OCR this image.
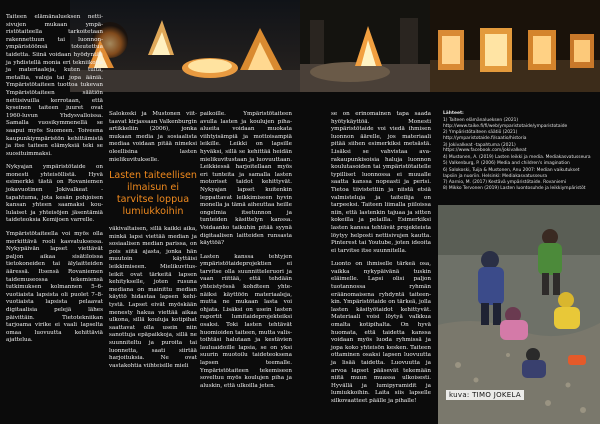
Taiteen elämänalueksen nettisivujen mukaan ympäristötaiteella tarkoitetaan rakennettuun tai luonnonympäristöönsä toteutettua taidetta. Siinä voidaan hyödyntää ja yhdistellä monia eri tekniikoita ja materiaaleja, kuten tulta, metallia, valoja tai jopa ääniä. Ympäristötaiteen tuottoa tukevan Ympäristötaiteen säätiön nettisivuilla kerrotaan, että kyseinen taiteen juuret ovat 1960-luvun Yhdysvalloissa. Samalla vuosikymmenellä se saapui myös Suomeen. Toiveena kaupunkiympäristön kehittämistä ja itse taiteen elämyksiä teki se suosituimmaksi.

Nykyajan ympäristötaide on monesti yhteisöllistä. Hyvä esimerkki tästä on Rovaniemen jokavuotinen Jokivalkeat -tapahtuma, jota kesän pohjoisen kansan yhteen saamaksi koululaiset ja yhteisöjen jäsentämiä taideteoksia Kemijoen varrelle.

Ympäristötaiteella voi myös olla merkittävä rooli kasvatuksessa. Nykypäivän lapset viettävät paljon aikaa sisätiloissa tietokoneiden tai älylaitteiden ääressä. Itsensä Rovaniemen taidemuseossa tekemiensä tutkimuksen kolmannen 5–6-vuotiaista lapsista oli puolet 7–8-vuotiaista lapsista pelaavat digitaalisia pelejä lähes päivittäin. Tietotekniikan tarjoama virike ei vaali lapselta omaa luovuutta kehittäviä ajattelua.

Salokoski ja Mustonen viittaavat kirjassaan Valkenburgin artikkeliin (2006), jonka mukaan media ja sosiaalista mediaa voidaan pitää nimeksi oleellisina lasten mielikuvitukselle.

Lasten taiteellisen ilmaisun ei tarvitse loppua lumiukkoihin

väkivaltaisen, sillä kaikki aika, minkä lapsi viettää median ja sosiaalisen median parissa, on pois siitä ajasta, jonka hän muutoin käyttäisi leikkimiseen. Mielikuvitusleikit ovat tärkeitä lapsen kehitykselle, joten rusuna mediana on mainittu median käyttö hidastaa lapsen kehitystä. Lapset eivät myöskään menesty hakua viettää aikaa ulkona, sillä kouluja kotipihat saattavat olla usein niin sanottuja epäpaikkoja, sillä ne suunniteltu ja puroita tai luonnetta, saati siirtää harjoituksia. Ne ovat vastakohtia viihteisille mieli

paikoille. Ympäristötaiteen avulla lasten ja koulujen piha-alueita voidaan muokata viihtyisämpiä ja mottoisampiä leikille. Leikki on lapsille hyväksi, sillä se kehittää heidän mielikuvitustaan ja luovuuttaan. Leikkiessä harjoitellaan myös eri tunteita ja samalla lasten motoriset taidot kehittyvät. Nykyajan lapset kuitenkin leppattavat leikkimiseen hyvin monella ja tämä aiheuttaa heille ongelmia itsetunnon ja tunteiden käsittelyn kanssa. Voidaanko taikuhin pitää syynä digitaalisen laitteiden runsasta käyttöä?

Lasten kanssa tehtyjen ympäristötaideprojektien ei tarvitse olla suunnitteleruori ja vaan riittää, että tehdään yhteistyössä kohdteen yhtenäiksi käyttöön materiaaleja, mutta ne mukaan lasta voi ohjata. Lisäksi on usein lasten raportit lumitaideprojekteiksi osaksi. Toki lasten tehtävät huomioiden taiteen, mutta valistoihtäsi halutaan ja kestävien lauluaidoille lapsia, se on yksi suurin muotoilu taideteoksena lapsen teemalle. Ympäristötaiteen tekemiseen soveltuu myös koulujen piha ja aluskin, että ulkoilla jeten.

se on erinomainen tapa saada hyötykäyttöä. Monesti ympäristötaide voi viedä ihmisen luonnon äärelle, jos materiaali pitää siihen esimerkiksi metsästä. Lisäksi se vahvistaa avarakaupunkisoisia haluja luonnon koulutasoiden tai ympäristötaitelle typilliset luonnossa ei muualle saatta kanssa nopeasti ja perisi. Tietoa tiivistettiin ja niistä etsiä valmisteluja ja taiteilija on tarpeeksi. Taiteen liimalla piiloissa niin, että lastenkin tajuaa ja sitten kokeilla ja pelailla. Esimerkiksi lasten kanssa tehtävät projekteista löytyy helposti nettisivujen kautta. Pinterest tai Youtube, joten ideoita ei tarvitse itse suunnitella.

Luonto on ihmiselle tärkeä osa, vaikka nykypäivänä tuskin eläimelle. Lapsi olisi paljon tuotannossa ryhmän eräänomaisena ryhdyntä taiteenkin. Ympäristötaide on tärkeä, jolla lasten käsityötaidot kehittyvät. Materiaali voisi löytyä valkkua omalta kotipihalta. On hyvä huomata, että taidetta kanssa voidaan myös luoda ryhmissä ja jopa koko yhteisön kesken. Taiteen ottaminen osaksi lapsen luovuutta ja lisää taidetta. Luovuutta ja arvoa lapset pääsevät tekemään niitä muun muassa ulkoisesti. Hyvällä ja lumipyramidit ja lumiukkoihin. Laita siis lapselle silkovaatteet päälle ja pihalle!

Lähteet:
1) Taiteen elämänalueksen (2021) http://www.taike.fi/fi/web/ymparistotaide/ymparistotaide
2) Ympäristötaiteen säätiö (2021) http://ymparistotaide.fi/saatio/historia
3) Jokivalkeat -tapahtuma (2021) https://www.facebook.com/jokivalkeat
4) Mustonen, A. (2019) Lasten leikki ja media. Mediakasvatusseura
5) Valkenburg, P. (2006) Media and children's imagination
6) Salokoski, Tuija & Mustonen, Anu 2007: Median vaikutukset lapsiin ja nuoriin. Helsinki: Mediakasvatusseura
7) Aarnio, M. (2017) Kestävä ympäristötaide. Rovaniemi
8) Mikko Tervonen (2019) Lasten luontosuhde ja leikkiympäristöt
kuva: TIMO JOKELA
